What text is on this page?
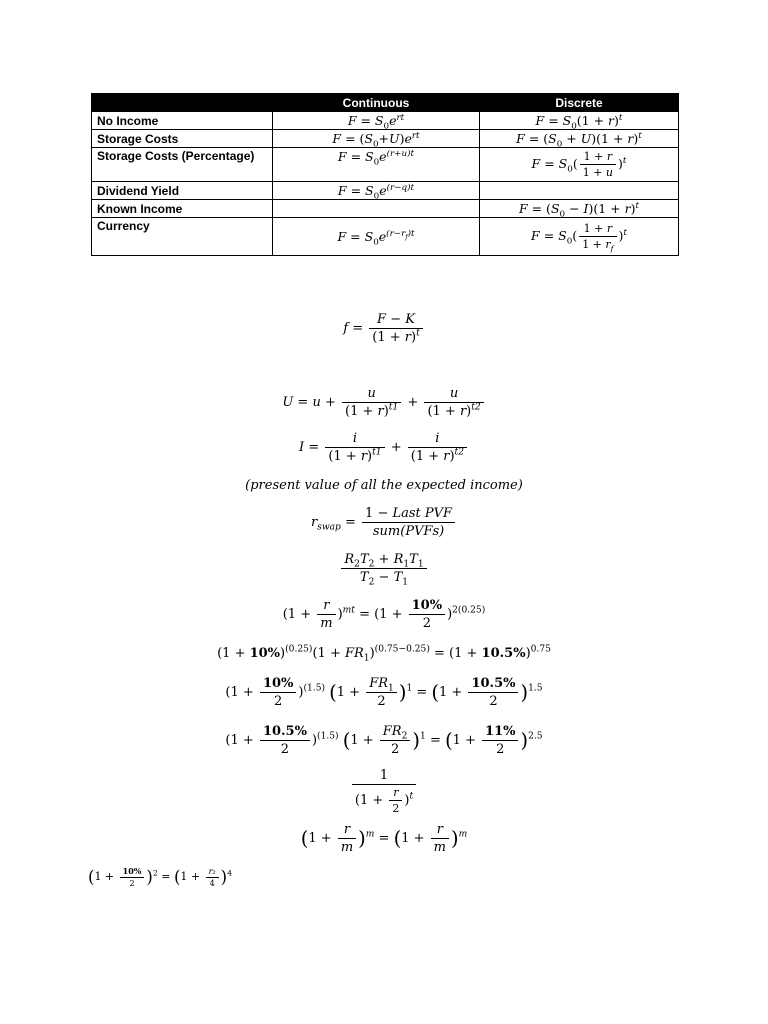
	Continuous	Discrete
No Income	$F = S_0e^{rt}$	$F = S_0(1 + r)^t$
Storage Costs	$F = (S_0+U)e^{rt}$	$F = (S_0 + U)(1 + r)^t$
Storage Costs (Percentage)	$F = S_0e^{(r+u)t}$	$F = S_0( \frac{1 + r}{1 + u} )^t$
Dividend Yield	$F = S_0e^{(r-q)t}$	
Known Income		$F = (S_0 - I)(1 + r)^t$
Currency	$F = S_0e^{(r-r_f)t}$	$F = S_0( \frac{1 + r}{1 + r_f} )^t$
$f = \frac{F - K}{(1 + r)^t}$
$U = u + \frac{u}{(1 + r)^{t1}} + \frac{u}{(1 + r)^{t2}}$
$I = \frac{i}{(1 + r)^{t1}} + \frac{i}{(1 + r)^{t2}}$
(present value of all the expected income)
$r_{swap} = \frac{\text{1 − Last PVF}}{\text{sum(PVFs)}}$
$\frac{R_2T_2 + R_1T_1}{T_2 - T_1}$
$(1 + \frac{r}{m} )^{mt} = (1 + \frac{10\%}{2} )^{2(0.25)}$
$(1 + 10\%)^{(0.25)}(1 + FR_1)^{(0.75-0.25)} = (1 + 10.5\%)^{0.75}$
$(1 + \frac{10\%}{2} )^{(1.5)}$ $(1 + \frac{FR_1}{2} )^1 = (1 + \frac{10.5\%}{2} )^{1.5}$
$(1 + \frac{10.5\%}{2} )^{(1.5)}$ $(1 + \frac{FR_2}{2} )^1 = (1 + \frac{11\%}{2} )^{2.5}$
$\frac{1}{(1 + \frac{r}{2} )^t}$
$(1 + \frac{r}{m} )^m = (1 + \frac{r}{m} )^m$
$(1 + \frac{10\%}{2} )^2 = (1 + \frac{\text{r₂}}{4} )^4$
